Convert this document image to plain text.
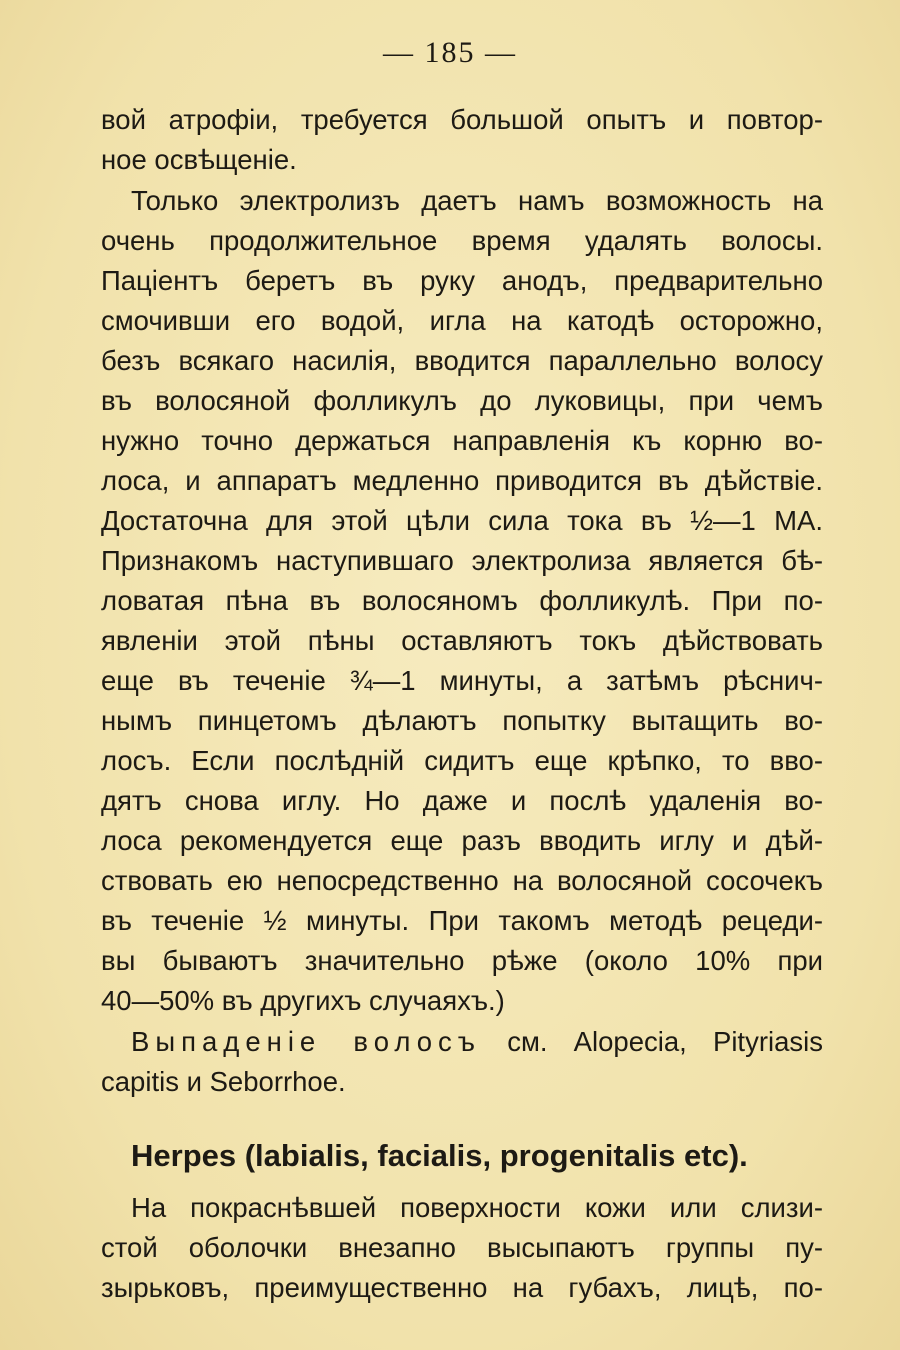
— 185 —
вой атрофіи, требуется большой опытъ и повтор-
ное освѣщеніе.
Только электролизъ даетъ намъ возможность на
очень продолжительное время удалять волосы.
Паціентъ беретъ въ руку анодъ, предварительно
смочивши его водой, игла на катодѣ осторожно,
безъ всякаго насилія, вводится параллельно волосу
въ волосяной фолликулъ до луковицы, при чемъ
нужно точно держаться направленія къ корню во-
лоса, и аппаратъ медленно приводится въ дѣйствіе.
Достаточна для этой цѣли сила тока въ ½—1 МА.
Признакомъ наступившаго электролиза является бѣ-
ловатая пѣна въ волосяномъ фолликулѣ. При по-
явленіи этой пѣны оставляютъ токъ дѣйствовать
еще въ теченіе ¾—1 минуты, а затѣмъ рѣснич-
нымъ пинцетомъ дѣлаютъ попытку вытащить во-
лосъ. Если послѣдній сидитъ еще крѣпко, то вво-
дятъ снова иглу. Но даже и послѣ удаленія во-
лоса рекомендуется еще разъ вводить иглу и дѣй-
ствовать ею непосредственно на волосяной сосочекъ
въ теченіе ½ минуты. При такомъ методѣ рецеди-
вы бываютъ значительно рѣже (около 10% при
40—50% въ другихъ случаяхъ.)
Выпаденіе волосъ см. Alopecia, Pityriasis
capitis и Seborrhoe.
Herpes (labialis, facialis, progenitalis etc).
На покраснѣвшей поверхности кожи или слизи-
стой оболочки внезапно высыпаютъ группы пу-
зырьковъ, преимущественно на губахъ, лицѣ, по-
